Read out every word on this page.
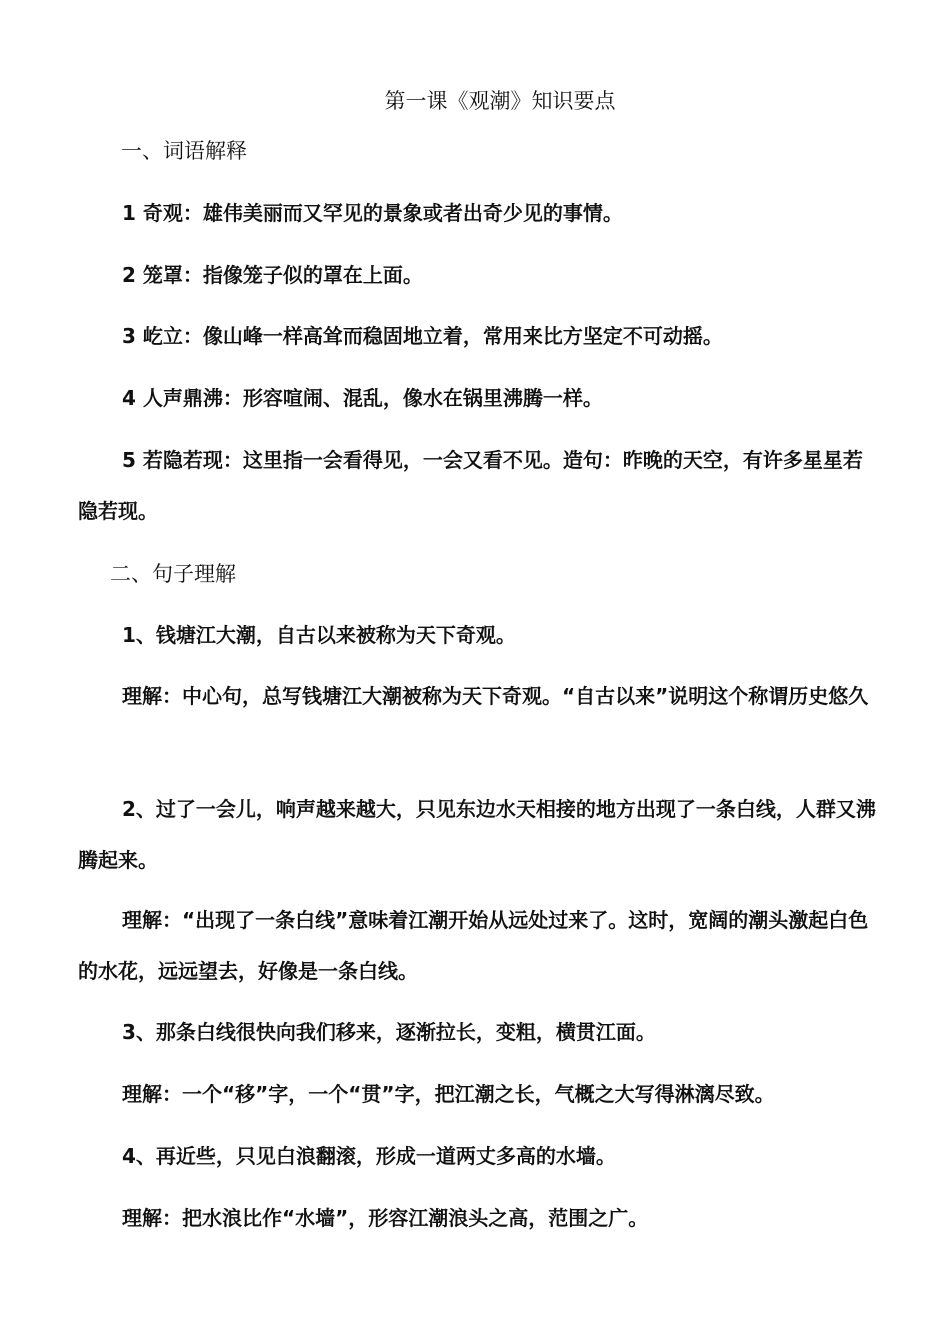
第一课《观潮》知识要点
一、词语解释

1 奇观：雄伟美丽而又罕见的景象或者出奇少见的事情。

2 笼罩：指像笼子似的罩在上面。

3 屹立：像山峰一样高耸而稳固地立着，常用来比方坚定不可动摇。

4 人声鼎沸：形容喧闹、混乱，像水在锅里沸腾一样。

5 若隐若现：这里指一会看得见，一会又看不见。造句：昨晚的天空，有许多星星若隐若现。

二、句子理解

1、钱塘江大潮，自古以来被称为天下奇观。

理解：中心句，总写钱塘江大潮被称为天下奇观。“自古以来”说明这个称谓历史悠久

2、过了一会儿，响声越来越大，只见东边水天相接的地方出现了一条白线，人群又沸腾起来。

理解：“出现了一条白线”意味着江潮开始从远处过来了。这时，宽阔的潮头激起白色的水花，远远望去，好像是一条白线。

3、那条白线很快向我们移来，逐渐拉长，变粗，横贯江面。

理解：一个“移”字，一个“贯”字，把江潮之长，气概之大写得淋漓尽致。

4、再近些，只见白浪翻滚，形成一道两丈多高的水墙。

理解：把水浪比作“水墙”，形容江潮浪头之高，范围之广。
